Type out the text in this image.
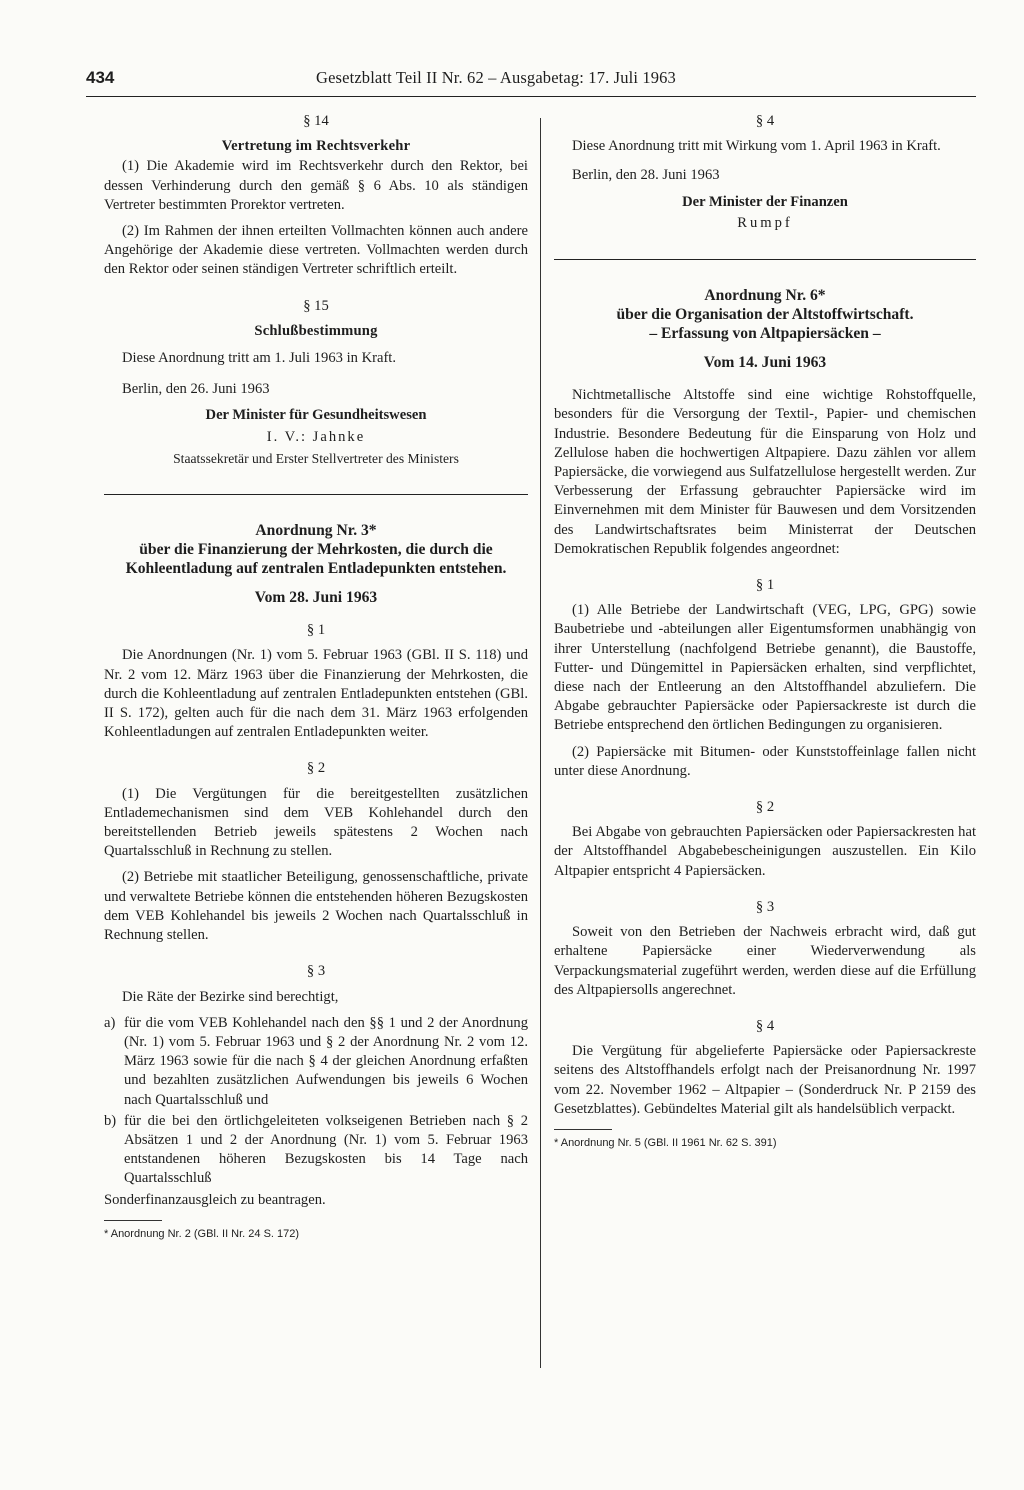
434	Gesetzblatt Teil II Nr. 62 – Ausgabetag: 17. Juli 1963
§ 14
Vertretung im Rechtsverkehr

(1) Die Akademie wird im Rechtsverkehr durch den Rektor, bei dessen Verhinderung durch den gemäß § 6 Abs. 10 als ständigen Vertreter bestimmten Prorektor vertreten.

(2) Im Rahmen der ihnen erteilten Vollmachten können auch andere Angehörige der Akademie diese vertreten. Vollmachten werden durch den Rektor oder seinen ständigen Vertreter schriftlich erteilt.

§ 15
Schlußbestimmung

Diese Anordnung tritt am 1. Juli 1963 in Kraft.

Berlin, den 26. Juni 1963

Der Minister für Gesundheitswesen
I. V.: Jahnke
Staatssekretär und Erster Stellvertreter des Ministers
Anordnung Nr. 3*
über die Finanzierung der Mehrkosten, die durch die Kohleentladung auf zentralen Entladepunkten entstehen.
Vom 28. Juni 1963
§ 1

Die Anordnungen (Nr. 1) vom 5. Februar 1963 (GBl. II S. 118) und Nr. 2 vom 12. März 1963 über die Finanzierung der Mehrkosten, die durch die Kohleentladung auf zentralen Entladepunkten entstehen (GBl. II S. 172), gelten auch für die nach dem 31. März 1963 erfolgenden Kohleentladungen auf zentralen Entladepunkten weiter.

§ 2

(1) Die Vergütungen für die bereitgestellten zusätzlichen Entlademechanismen sind dem VEB Kohlehandel durch den bereitstellenden Betrieb jeweils spätestens 2 Wochen nach Quartalsschluß in Rechnung zu stellen.

(2) Betriebe mit staatlicher Beteiligung, genossenschaftliche, private und verwaltete Betriebe können die entstehenden höheren Bezugskosten dem VEB Kohlehandel bis jeweils 2 Wochen nach Quartalsschluß in Rechnung stellen.

§ 3

Die Räte der Bezirke sind berechtigt,

a) für die vom VEB Kohlehandel nach den §§ 1 und 2 der Anordnung (Nr. 1) vom 5. Februar 1963 und § 2 der Anordnung Nr. 2 vom 12. März 1963 sowie für die nach § 4 der gleichen Anordnung erfaßten und bezahlten zusätzlichen Aufwendungen bis jeweils 6 Wochen nach Quartalsschluß und
b) für die bei den örtlichgeleiteten volkseigenen Betrieben nach § 2 Absätzen 1 und 2 der Anordnung (Nr. 1) vom 5. Februar 1963 entstandenen höheren Bezugskosten bis 14 Tage nach Quartalsschluß

Sonderfinanzausgleich zu beantragen.

* Anordnung Nr. 2 (GBl. II Nr. 24 S. 172)
§ 4

Diese Anordnung tritt mit Wirkung vom 1. April 1963 in Kraft.

Berlin, den 28. Juni 1963

Der Minister der Finanzen
Rumpf
Anordnung Nr. 6*
über die Organisation der Altstoffwirtschaft.
– Erfassung von Altpapiersäcken –
Vom 14. Juni 1963

Nichtmetallische Altstoffe sind eine wichtige Rohstoffquelle, besonders für die Versorgung der Textil-, Papier- und chemischen Industrie. Besondere Bedeutung für die Einsparung von Holz und Zellulose haben die hochwertigen Altpapiere. Dazu zählen vor allem Papiersäcke, die vorwiegend aus Sulfatzellulose hergestellt werden. Zur Verbesserung der Erfassung gebrauchter Papiersäcke wird im Einvernehmen mit dem Minister für Bauwesen und dem Vorsitzenden des Landwirtschaftsrates beim Ministerrat der Deutschen Demokratischen Republik folgendes angeordnet:

§ 1

(1) Alle Betriebe der Landwirtschaft (VEG, LPG, GPG) sowie Baubetriebe und -abteilungen aller Eigentumsformen unabhängig von ihrer Unterstellung (nachfolgend Betriebe genannt), die Baustoffe, Futter- und Düngemittel in Papiersäcken erhalten, sind verpflichtet, diese nach der Entleerung an den Altstoffhandel abzuliefern. Die Abgabe gebrauchter Papiersäcke oder Papiersackreste ist durch die Betriebe entsprechend den örtlichen Bedingungen zu organisieren.

(2) Papiersäcke mit Bitumen- oder Kunststoffeinlage fallen nicht unter diese Anordnung.

§ 2

Bei Abgabe von gebrauchten Papiersäcken oder Papiersackresten hat der Altstoffhandel Abgabebescheinigungen auszustellen. Ein Kilo Altpapier entspricht 4 Papiersäcken.

§ 3

Soweit von den Betrieben der Nachweis erbracht wird, daß gut erhaltene Papiersäcke einer Wiederverwendung als Verpackungsmaterial zugeführt werden, werden diese auf die Erfüllung des Altpapiersolls angerechnet.

§ 4

Die Vergütung für abgelieferte Papiersäcke oder Papiersackreste seitens des Altstoffhandels erfolgt nach der Preisanordnung Nr. 1997 vom 22. November 1962 – Altpapier – (Sonderdruck Nr. P 2159 des Gesetzblattes). Gebündeltes Material gilt als handelsüblich verpackt.

* Anordnung Nr. 5 (GBl. II 1961 Nr. 62 S. 391)
